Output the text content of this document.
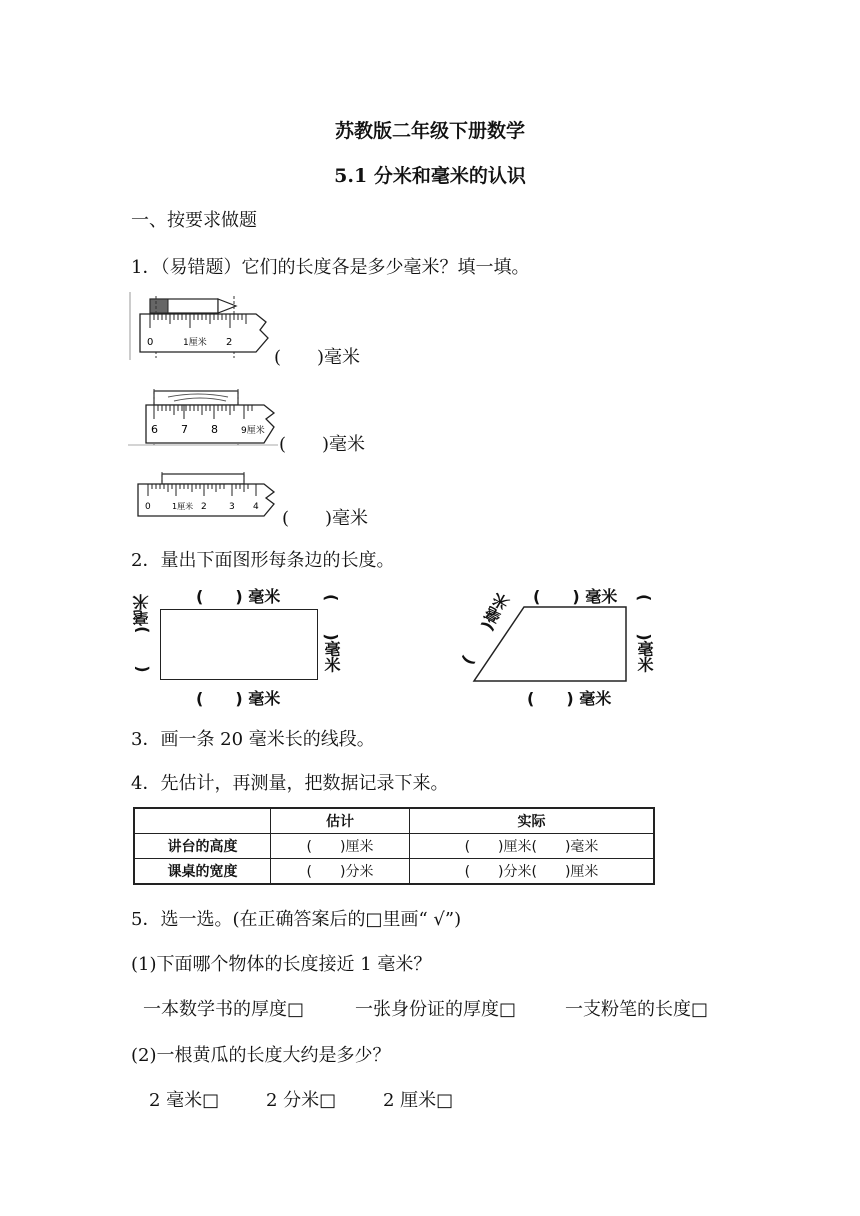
苏教版二年级下册数学
5.1 分米和毫米的认识
一、按要求做题
1．（易错题）它们的长度各是多少毫米？填一填。
0	1厘米 2
(　　)毫米
6 7 8	9厘米
(　　)毫米
0	1厘米 2 3 4
(　　)毫米
2．量出下面图形每条边的长度。
(　　) 毫米
(　　) 毫米
(　　)毫米	(　　)毫米	(　　) 毫米
(　　) 毫米
(　　)毫米	(　　)毫米
3．画一条 20 毫米长的线段。
4．先估计，再测量，把数据记录下来。
	估计	实际
讲台的高度	(　　)厘米	(　　)厘米(　　)毫米
课桌的宽度	(　　)分米	(　　)分米(　　)厘米
5．选一选。(在正确答案后的□里画“ √”)
(1)下面哪个物体的长度接近 1 毫米？
一本数学书的厚度□	一张身份证的厚度□	一支粉笔的长度□
(2)一根黄瓜的长度大约是多少？
2 毫米□	2 分米□	2 厘米□
